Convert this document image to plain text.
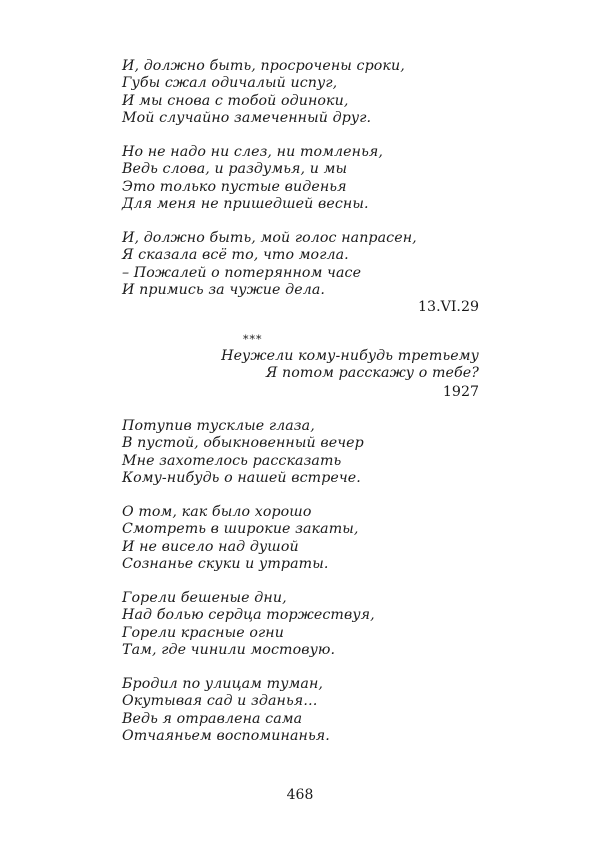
И, должно быть, просрочены сроки,
Губы сжал одичалый испуг,
И мы снова с тобой одиноки,
Мой случайно замеченный друг.
Но не надо ни слез, ни томленья,
Ведь слова, и раздумья, и мы
Это только пустые виденья
Для меня не пришедшей весны.
И, должно быть, мой голос напрасен,
Я сказала всё то, что могла.
– Пожалей о потерянном часе
И примись за чужие дела.
13.VI.29
***
Неужели кому-нибудь третьему
Я потом расскажу о тебе?
1927
Потупив тусклые глаза,
В пустой, обыкновенный вечер
Мне захотелось рассказать
Кому-нибудь о нашей встрече.
О том, как было хорошо
Смотреть в широкие закаты,
И не висело над душой
Сознанье скуки и утраты.
Горели бешеные дни,
Над болью сердца торжествуя,
Горели красные огни
Там, где чинили мостовую.
Бродил по улицам туман,
Окутывая сад и зданья…
Ведь я отравлена сама
Отчаяньем воспоминанья.
468
